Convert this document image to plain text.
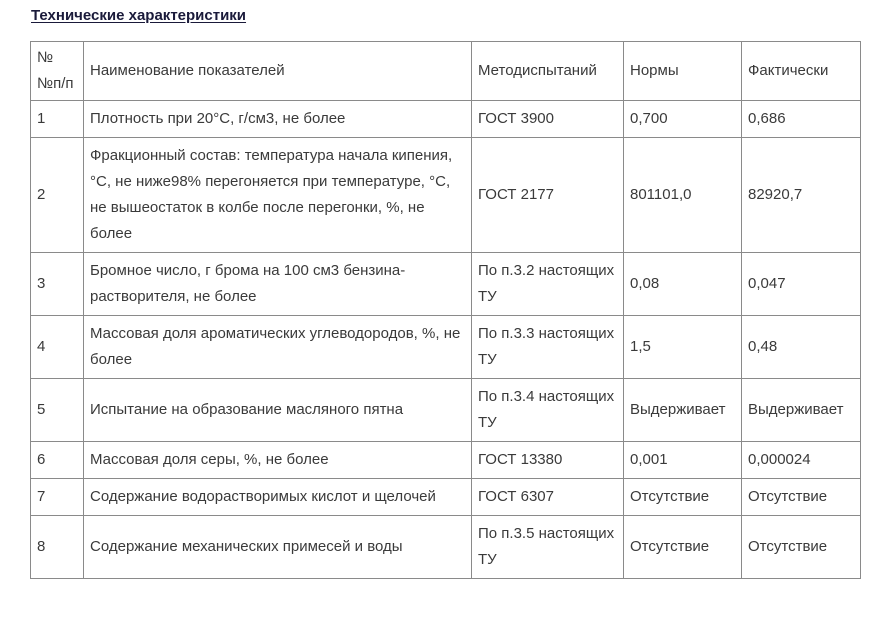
Технические характеристики
№ №п/п	Наименование показателей	Методиспытаний	Нормы	Фактически
1	Плотность при 20°C, г/см3, не более	ГОСТ 3900	0,700	0,686
2	Фракционный состав: температура начала кипения, °C, не ниже98% перегоняется при температуре, °C, не вышеостаток в колбе после перегонки, %, не более	ГОСТ 2177	801101,0	82920,7
3	Бромное число, г брома на 100 см3 бензина-растворителя, не более	По п.3.2 настоящих ТУ	0,08	0,047
4	Массовая доля ароматических углеводородов, %, не более	По п.3.3 настоящих ТУ	1,5	0,48
5	Испытание на образование масляного пятна	По п.3.4 настоящих ТУ	Выдерживает	Выдерживает
6	Массовая доля серы, %, не более	ГОСТ 13380	0,001	0,000024
7	Содержание водорастворимых кислот и щелочей	ГОСТ 6307	Отсутствие	Отсутствие
8	Содержание механических примесей и воды	По п.3.5 настоящих ТУ	Отсутствие	Отсутствие
